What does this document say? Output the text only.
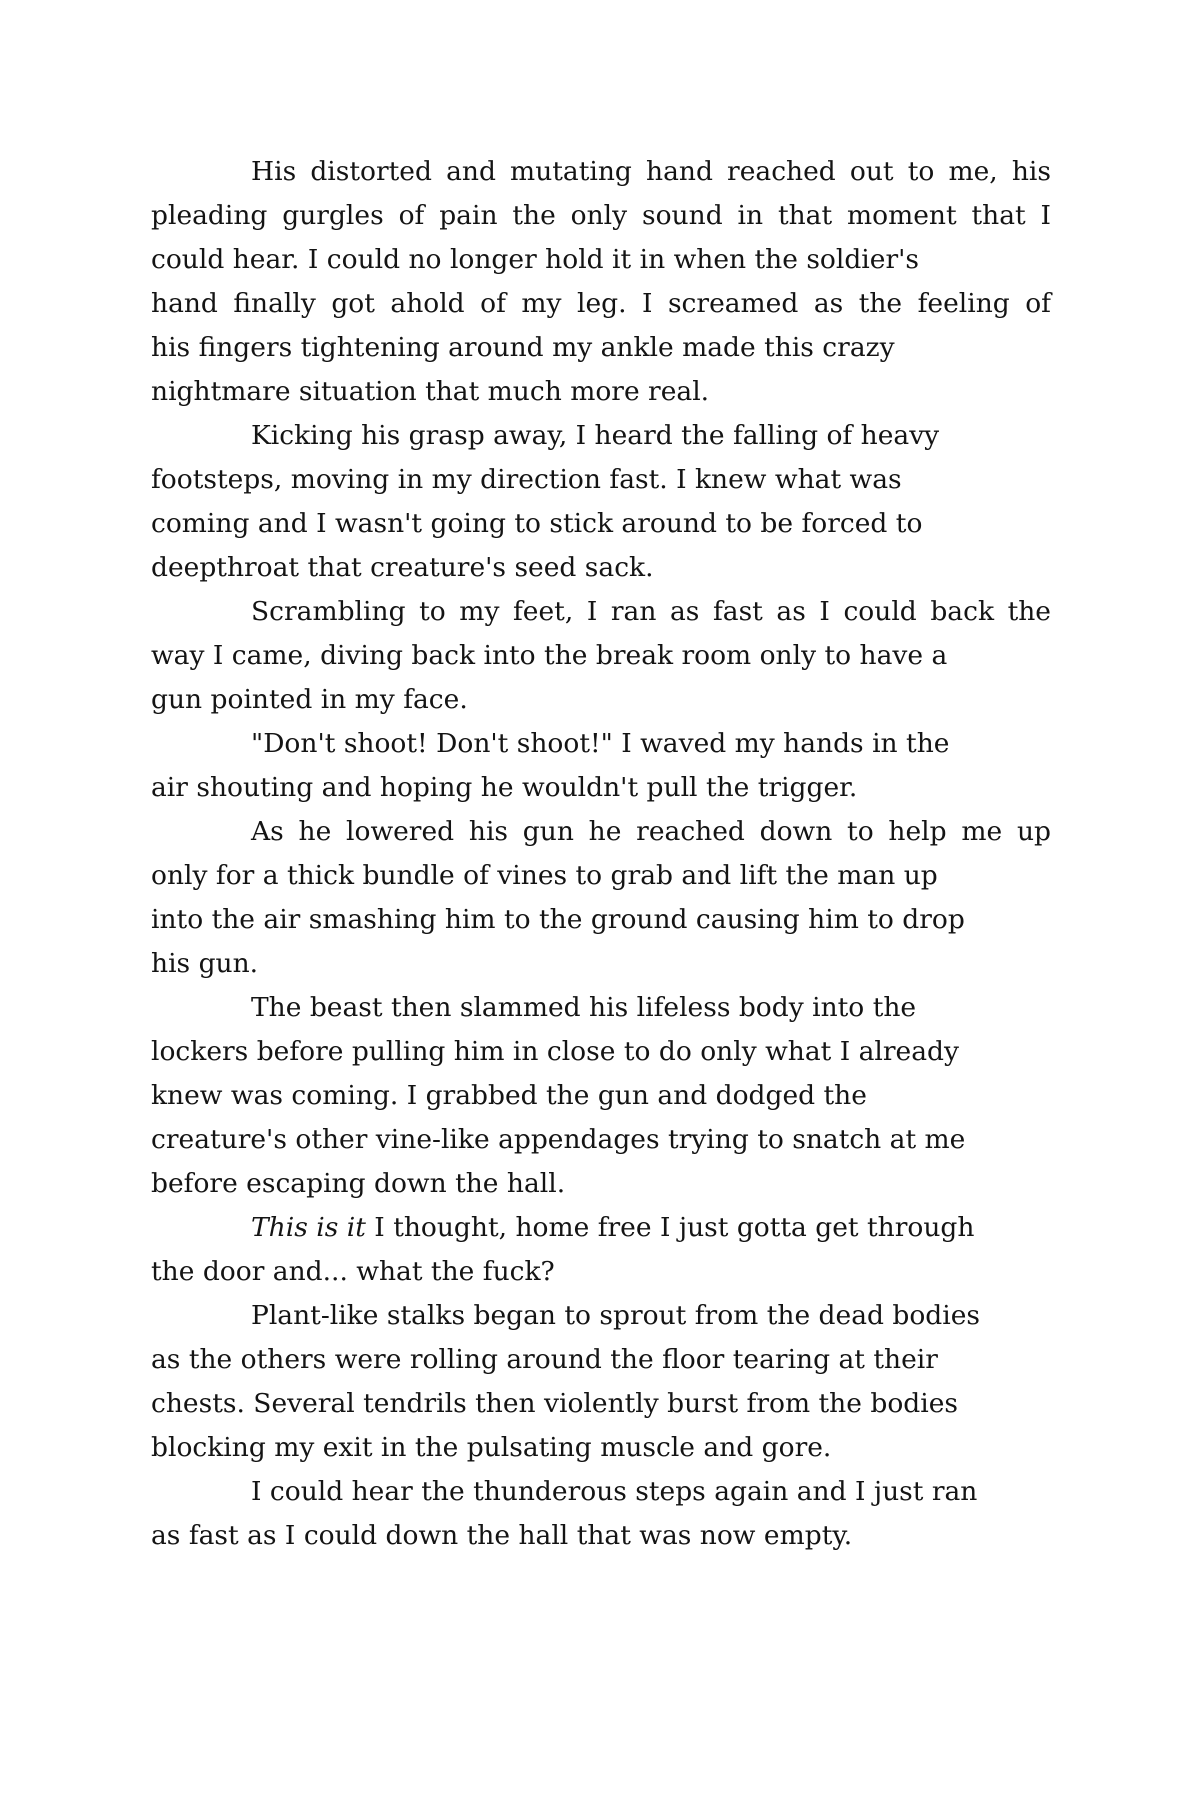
His distorted and mutating hand reached out to me, his
pleading gurgles of pain the only sound in that moment that I
could hear. I could no longer hold it in when the soldier's
hand finally got ahold of my leg. I screamed as the feeling of
his fingers tightening around my ankle made this crazy
nightmare situation that much more real.
Kicking his grasp away, I heard the falling of heavy
footsteps, moving in my direction fast. I knew what was
coming and I wasn't going to stick around to be forced to
deepthroat that creature's seed sack.
Scrambling to my feet, I ran as fast as I could back the
way I came, diving back into the break room only to have a
gun pointed in my face.
"Don't shoot! Don't shoot!" I waved my hands in the
air shouting and hoping he wouldn't pull the trigger.
As he lowered his gun he reached down to help me up
only for a thick bundle of vines to grab and lift the man up
into the air smashing him to the ground causing him to drop
his gun.
The beast then slammed his lifeless body into the
lockers before pulling him in close to do only what I already
knew was coming. I grabbed the gun and dodged the
creature's other vine-like appendages trying to snatch at me
before escaping down the hall.
This is it I thought, home free I just gotta get through
the door and... what the fuck?
Plant-like stalks began to sprout from the dead bodies
as the others were rolling around the floor tearing at their
chests. Several tendrils then violently burst from the bodies
blocking my exit in the pulsating muscle and gore.
I could hear the thunderous steps again and I just ran
as fast as I could down the hall that was now empty.
